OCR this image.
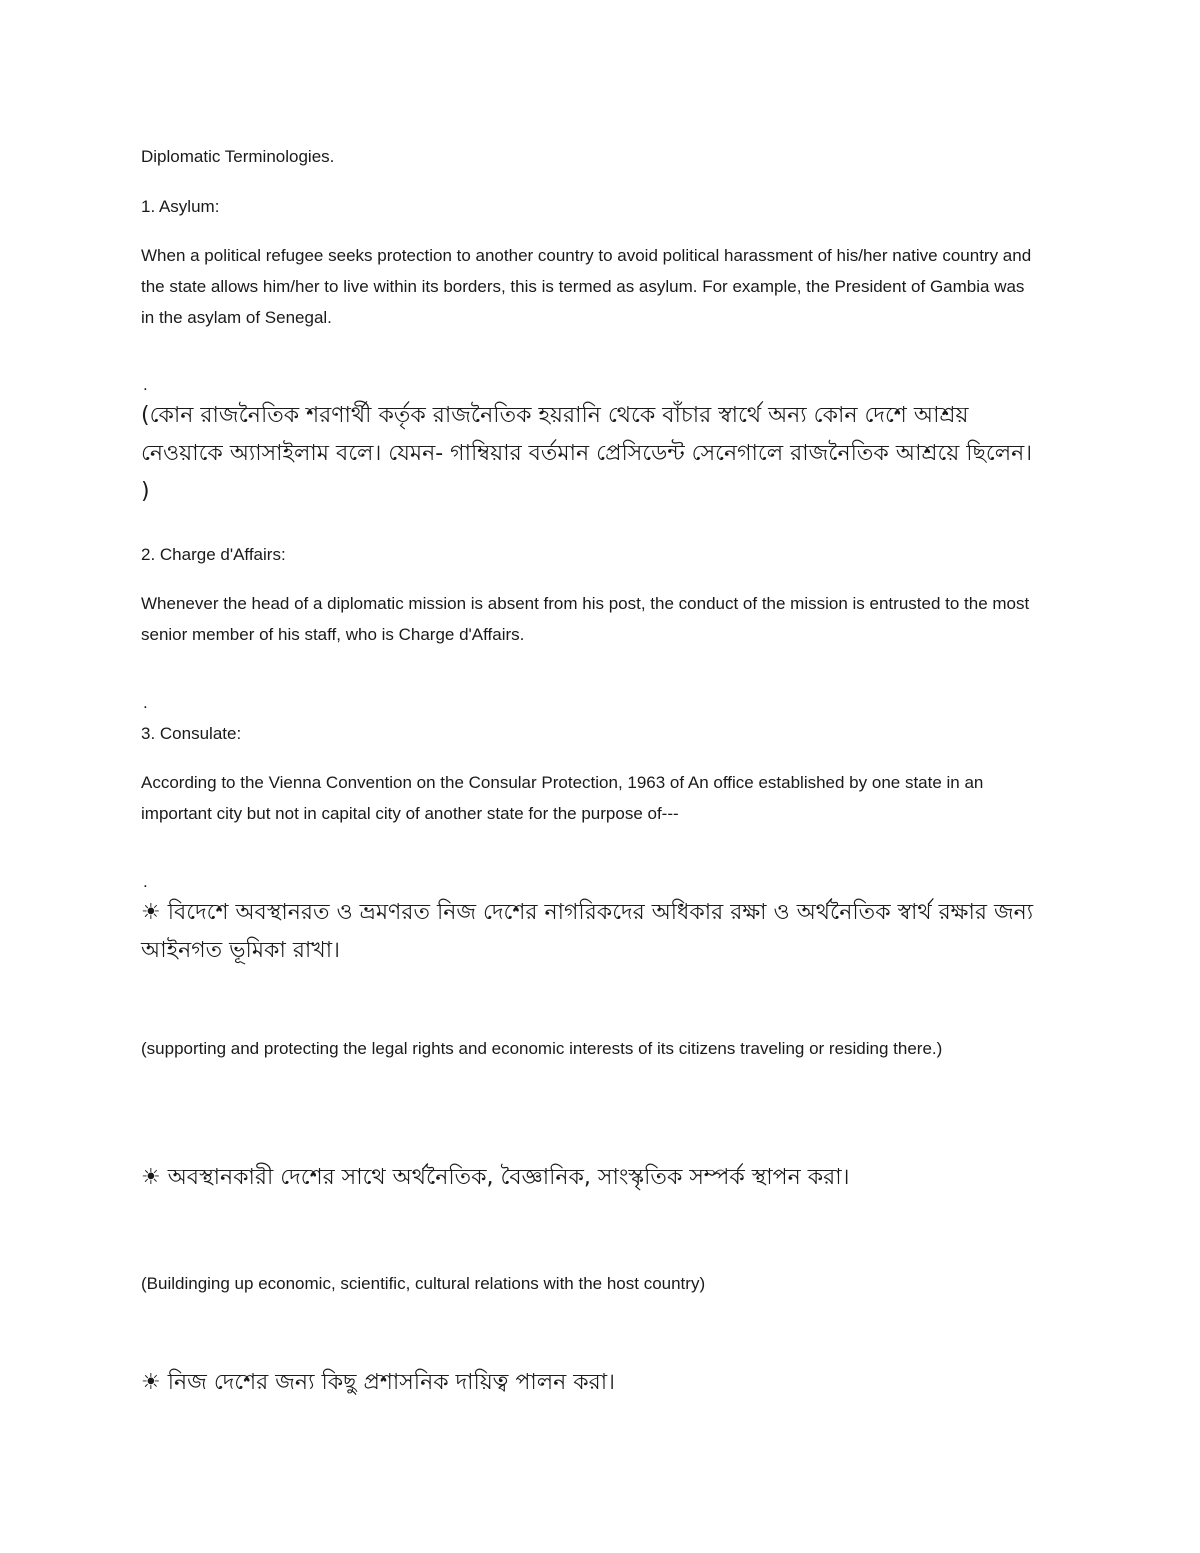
Diplomatic Terminologies.

1. Asylum:

When a political refugee seeks protection to another country to avoid political harassment of his/her native country and the state allows him/her to live within its borders, this is termed as asylum. For example, the President of Gambia was in the asylam of Senegal.

.

(কোন রাজনৈতিক শরণার্থী কর্তৃক রাজনৈতিক হয়রানি থেকে বাঁচার স্বার্থে অন্য কোন দেশে আশ্রয় নেওয়াকে অ্যাসাইলাম বলে। যেমন- গাম্বিয়ার বর্তমান প্রেসিডেন্ট সেনেগালে রাজনৈতিক আশ্রয়ে ছিলেন। )

2. Charge d'Affairs:

Whenever the head of a diplomatic mission is absent from his post, the conduct of the mission is entrusted to the most senior member of his staff, who is Charge d'Affairs.

.

3. Consulate:

According to the Vienna Convention on the Consular Protection, 1963 of An office established by one state in an important city but not in capital city of another state for the purpose of---

.

☀ বিদেশে অবস্থানরত ও ভ্রমণরত নিজ দেশের নাগরিকদের অধিকার রক্ষা ও অর্থনৈতিক স্বার্থ রক্ষার জন্য আইনগত ভূমিকা রাখা।

(supporting and protecting the legal rights and economic interests of its citizens traveling or residing there.)

☀ অবস্থানকারী দেশের সাথে অর্থনৈতিক, বৈজ্ঞানিক, সাংস্কৃতিক সম্পর্ক স্থাপন করা।

(Buildinging up economic, scientific, cultural relations with the host country)

☀ নিজ দেশের জন্য কিছু প্রশাসনিক দায়িত্ব পালন করা।
